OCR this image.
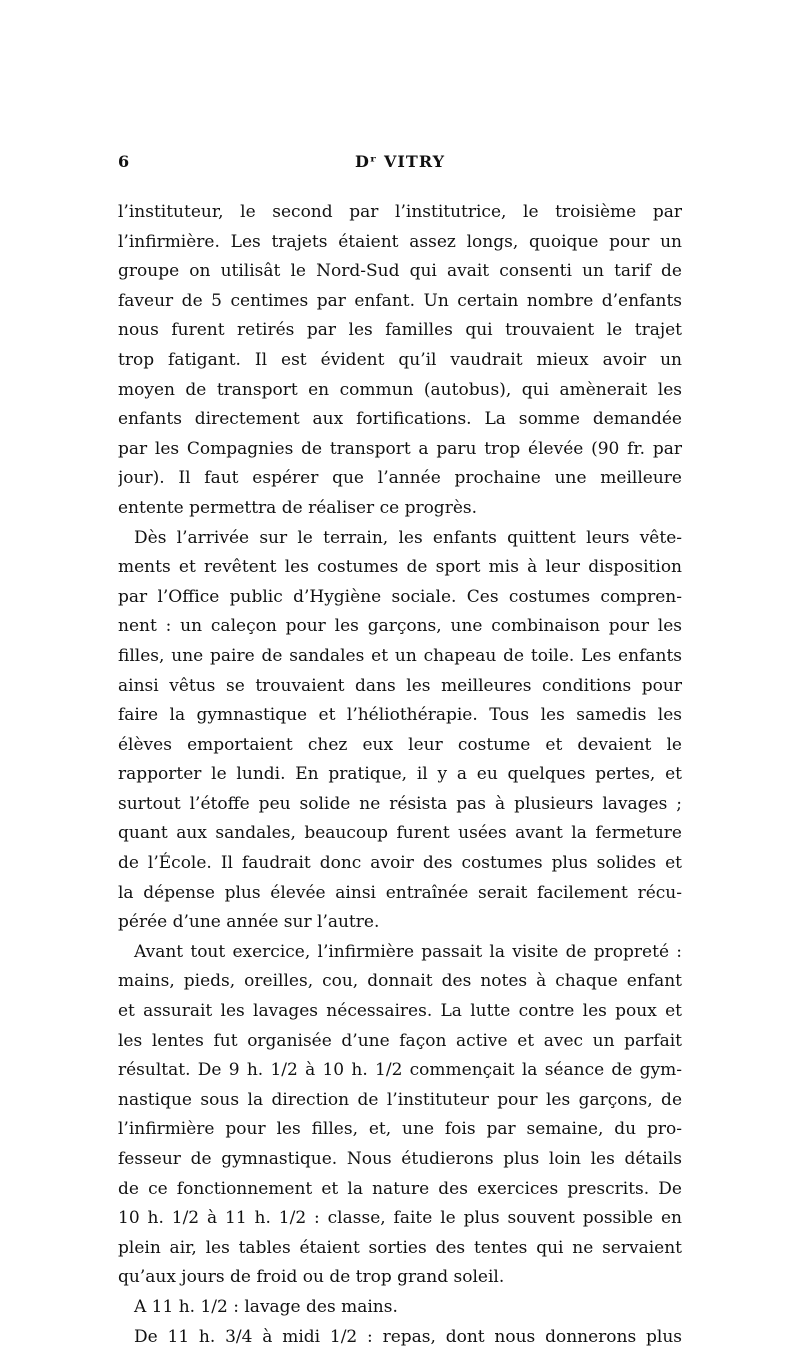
6	Dʳ VITRY
l’instituteur, le second par l’institutrice, le troisième par
l’infirmière. Les trajets étaient assez longs, quoique pour un
groupe on utilisât le Nord-Sud qui avait consenti un tarif de
faveur de 5 centimes par enfant. Un certain nombre d’enfants
nous furent retirés par les familles qui trouvaient le trajet
trop fatigant. Il est évident qu’il vaudrait mieux avoir un
moyen de transport en commun (autobus), qui amènerait les
enfants directement aux fortifications. La somme demandée
par les Compagnies de transport a paru trop élevée (90 fr. par
jour). Il faut espérer que l’année prochaine une meilleure
entente permettra de réaliser ce progrès.
Dès l’arrivée sur le terrain, les enfants quittent leurs vête-
ments et revêtent les costumes de sport mis à leur disposition
par l’Office public d’Hygiène sociale. Ces costumes compren-
nent : un caleçon pour les garçons, une combinaison pour les
filles, une paire de sandales et un chapeau de toile. Les enfants
ainsi vêtus se trouvaient dans les meilleures conditions pour
faire la gymnastique et l’héliothérapie. Tous les samedis les
élèves emportaient chez eux leur costume et devaient le
rapporter le lundi. En pratique, il y a eu quelques pertes, et
surtout l’étoffe peu solide ne résista pas à plusieurs lavages ;
quant aux sandales, beaucoup furent usées avant la fermeture
de l’École. Il faudrait donc avoir des costumes plus solides et
la dépense plus élevée ainsi entraînée serait facilement récu-
pérée d’une année sur l’autre.
Avant tout exercice, l’infirmière passait la visite de propreté :
mains, pieds, oreilles, cou, donnait des notes à chaque enfant
et assurait les lavages nécessaires. La lutte contre les poux et
les lentes fut organisée d’une façon active et avec un parfait
résultat. De 9 h. 1/2 à 10 h. 1/2 commençait la séance de gym-
nastique sous la direction de l’instituteur pour les garçons, de
l’infirmière pour les filles, et, une fois par semaine, du pro-
fesseur de gymnastique. Nous étudierons plus loin les détails
de ce fonctionnement et la nature des exercices prescrits. De
10 h. 1/2 à 11 h. 1/2 : classe, faite le plus souvent possible en
plein air, les tables étaient sorties des tentes qui ne servaient
qu’aux jours de froid ou de trop grand soleil.
A 11 h. 1/2 : lavage des mains.
De 11 h. 3/4 à midi 1/2 : repas, dont nous donnerons plus
